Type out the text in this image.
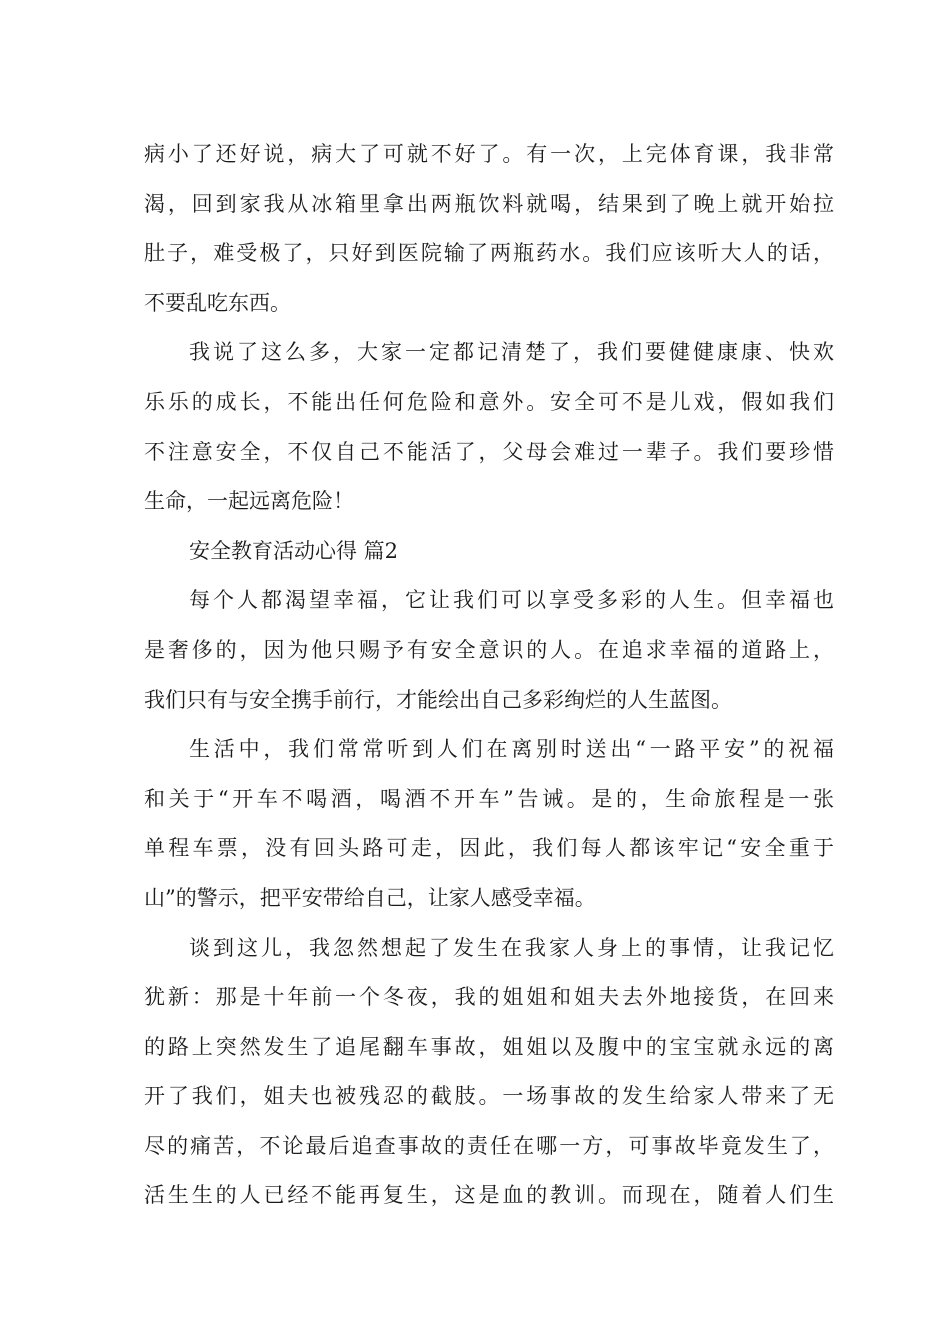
病小了还好说，病大了可就不好了。有一次，上完体育课，我非常
渴，回到家我从冰箱里拿出两瓶饮料就喝，结果到了晚上就开始拉
肚子，难受极了，只好到医院输了两瓶药水。我们应该听大人的话，
不要乱吃东西。
我说了这么多，大家一定都记清楚了，我们要健健康康、快欢
乐乐的成长，不能出任何危险和意外。安全可不是儿戏，假如我们
不注意安全，不仅自己不能活了，父母会难过一辈子。我们要珍惜
生命，一起远离危险！
安全教育活动心得 篇2
每个人都渴望幸福，它让我们可以享受多彩的人生。但幸福也
是奢侈的，因为他只赐予有安全意识的人。在追求幸福的道路上，
我们只有与安全携手前行，才能绘出自己多彩绚烂的人生蓝图。
生活中，我们常常听到人们在离别时送出“一路平安”的祝福
和关于“开车不喝酒，喝酒不开车”告诫。是的，生命旅程是一张
单程车票，没有回头路可走，因此，我们每人都该牢记“安全重于
山”的警示，把平安带给自己，让家人感受幸福。
谈到这儿，我忽然想起了发生在我家人身上的事情，让我记忆
犹新：那是十年前一个冬夜，我的姐姐和姐夫去外地接货，在回来
的路上突然发生了追尾翻车事故，姐姐以及腹中的宝宝就永远的离
开了我们，姐夫也被残忍的截肢。一场事故的发生给家人带来了无
尽的痛苦，不论最后追查事故的责任在哪一方，可事故毕竟发生了，
活生生的人已经不能再复生，这是血的教训。而现在，随着人们生
